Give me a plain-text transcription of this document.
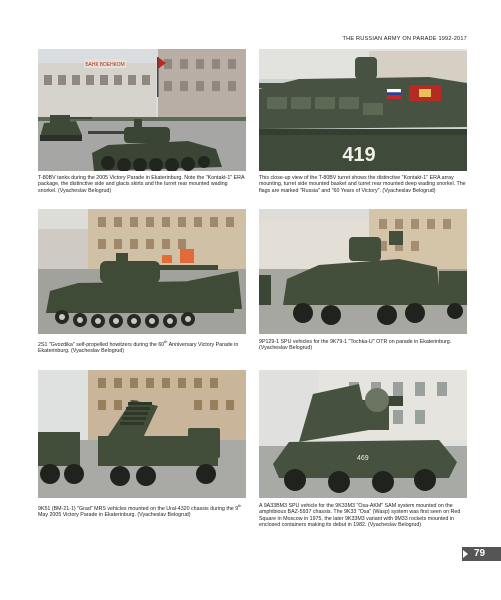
THE RUSSIAN ARMY ON PARADE 1992-2017
БАНК ВОЕНКОМ
T-80BV tanks during the 2005 Victory Parade in Ekaterinburg. Note the "Kontakt-1" ERA package, the distinctive side and glacis skirts and the turret rear mounted wading snorkel. (Vyacheslav Belogrud)
419
This close-up view of the T-80BV turret shows the distinctive "Kontakt-1" ERA array mounting, turret side mounted basket and turret rear mounted deep wading snorkel. The flags are marked "Russia" and "60 Years of Victory". (Vyacheslav Belogrud)
2S1 "Gvozdika" self-propelled howitzers during the 60th Anniversary Victory Parade in Ekaterinburg. (Vyacheslav Belogrud)
9P129-1 SPU vehicles for the 9K79-1 "Tochka-U" OTR on parade in Ekaterinburg. (Vyacheslav Belogrud)
9K51 (BM-21-1) "Grad" MRS vehicles mounted on the Ural-4320 chassis during the 9th May 2005 Victory Parade in Ekaterinburg. (Vyacheslav Belogrud)
469
A 9A33BM3 SPU vehicle for the 9K33M3 "Osa-AKM" SAM system mounted on the amphibious BAZ-5937 chassis. The 9K33 "Osa" (Wasp) system was first seen on Red Square in Moscow in 1975, the later 9K33M3 variant with 9M33 rockets mounted in enclosed containers making its debut in 1982. (Vyacheslav Belogrud)
79
